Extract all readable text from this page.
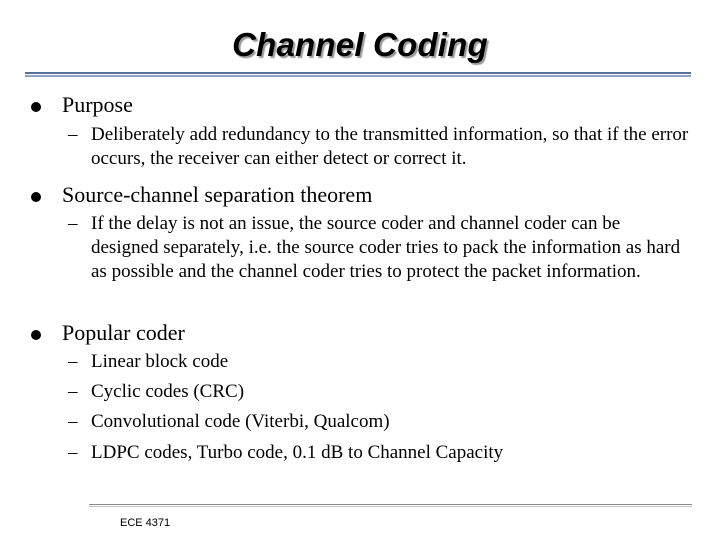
Channel Coding
Purpose
– Deliberately add redundancy to the transmitted information, so that if the error occurs, the receiver can either detect or correct it.
Source-channel separation theorem
– If the delay is not an issue, the source coder and channel coder can be designed separately, i.e. the source coder tries to pack the information as hard as possible and the channel coder tries to protect the packet information.
Popular coder
– Linear block code
– Cyclic codes (CRC)
– Convolutional code (Viterbi, Qualcom)
– LDPC codes, Turbo code, 0.1 dB to Channel Capacity
ECE 4371
